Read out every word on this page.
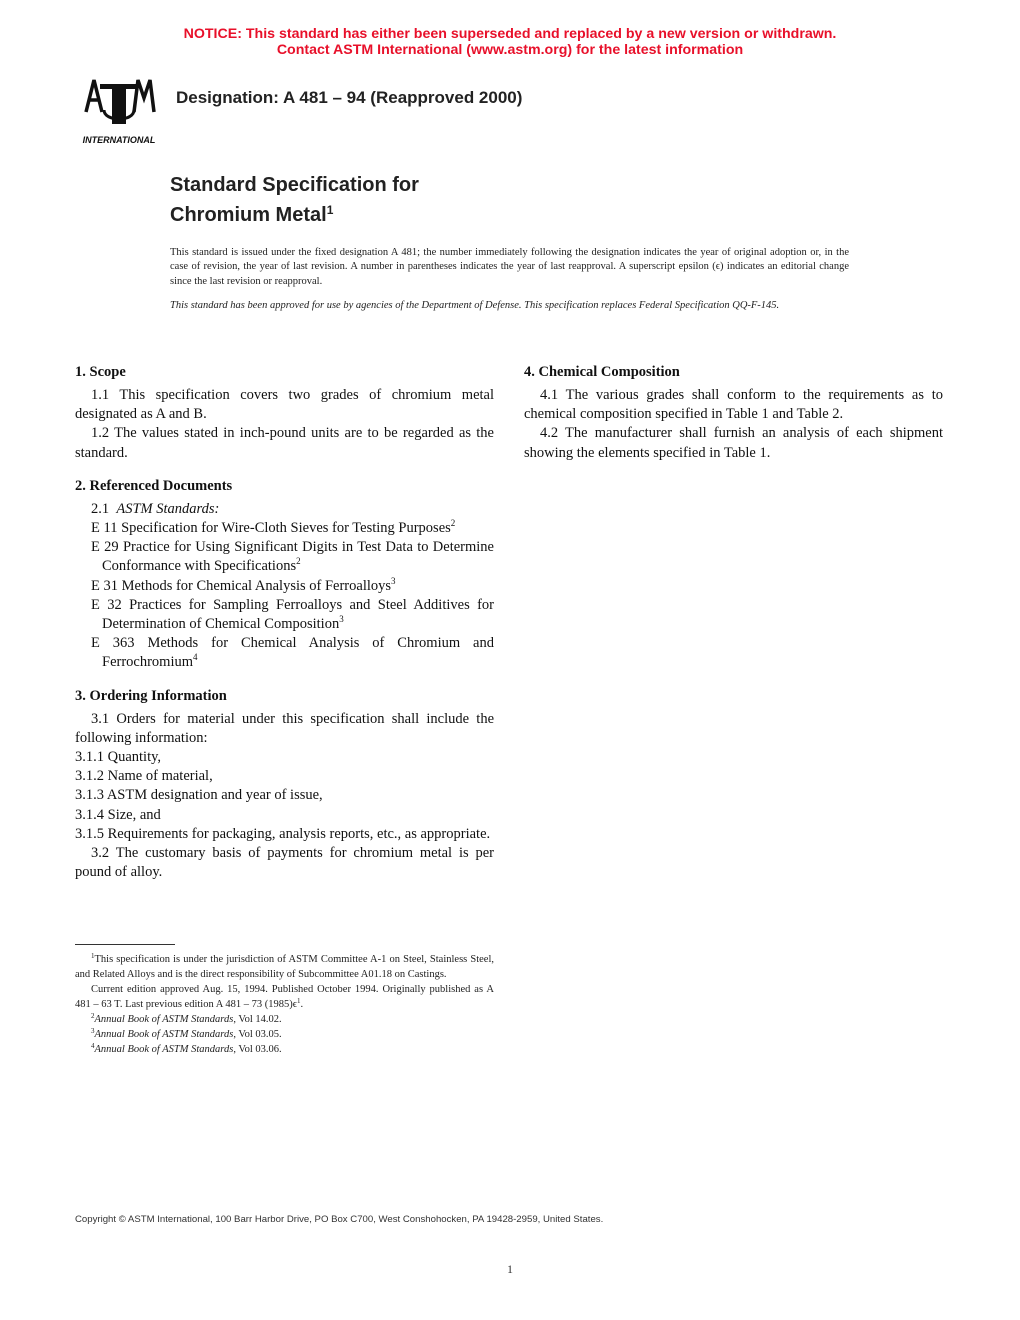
NOTICE: This standard has either been superseded and replaced by a new version or withdrawn.
Contact ASTM International (www.astm.org) for the latest information
INTERNATIONAL
Designation: A 481 – 94 (Reapproved 2000)
Standard Specification for
Chromium Metal$^1$

This standard is issued under the fixed designation A 481; the number immediately following the designation indicates the year of original adoption or, in the case of revision, the year of last revision. A number in parentheses indicates the year of last reapproval. A superscript epsilon (ϵ) indicates an editorial change since the last revision or reapproval.

This standard has been approved for use by agencies of the Department of Defense. This specification replaces Federal Specification QQ-F-145.

1. Scope

1.1 This specification covers two grades of chromium metal designated as A and B.

1.2 The values stated in inch-pound units are to be regarded as the standard.

2. Referenced Documents

2.1 ASTM Standards:

E 11 Specification for Wire-Cloth Sieves for Testing Purposes$^2$

E 29 Practice for Using Significant Digits in Test Data to Determine Conformance with Specifications$^2$

E 31 Methods for Chemical Analysis of Ferroalloys$^3$

E 32 Practices for Sampling Ferroalloys and Steel Additives for Determination of Chemical Composition$^3$

E 363 Methods for Chemical Analysis of Chromium and Ferrochromium$^4$

3. Ordering Information

3.1 Orders for material under this specification shall include the following information:

3.1.1 Quantity,

3.1.2 Name of material,

3.1.3 ASTM designation and year of issue,

3.1.4 Size, and

3.1.5 Requirements for packaging, analysis reports, etc., as appropriate.

3.2 The customary basis of payments for chromium metal is per pound of alloy.

4. Chemical Composition

4.1 The various grades shall conform to the requirements as to chemical composition specified in Table 1 and Table 2.

4.2 The manufacturer shall furnish an analysis of each shipment showing the elements specified in Table 1.

$^1$This specification is under the jurisdiction of ASTM Committee A-1 on Steel, Stainless Steel, and Related Alloys and is the direct responsibility of Subcommittee A01.18 on Castings.

Current edition approved Aug. 15, 1994. Published October 1994. Originally published as A 481 – 63 T. Last previous edition A 481 – 73 $(1985)\epsilon^1$.

$^2$Annual Book of ASTM Standards, Vol 14.02.

$^3$Annual Book of ASTM Standards, Vol 03.05.

$^4$Annual Book of ASTM Standards, Vol 03.06.

Copyright © ASTM International, 100 Barr Harbor Drive, PO Box C700, West Conshohocken, PA 19428-2959, United States.
1
